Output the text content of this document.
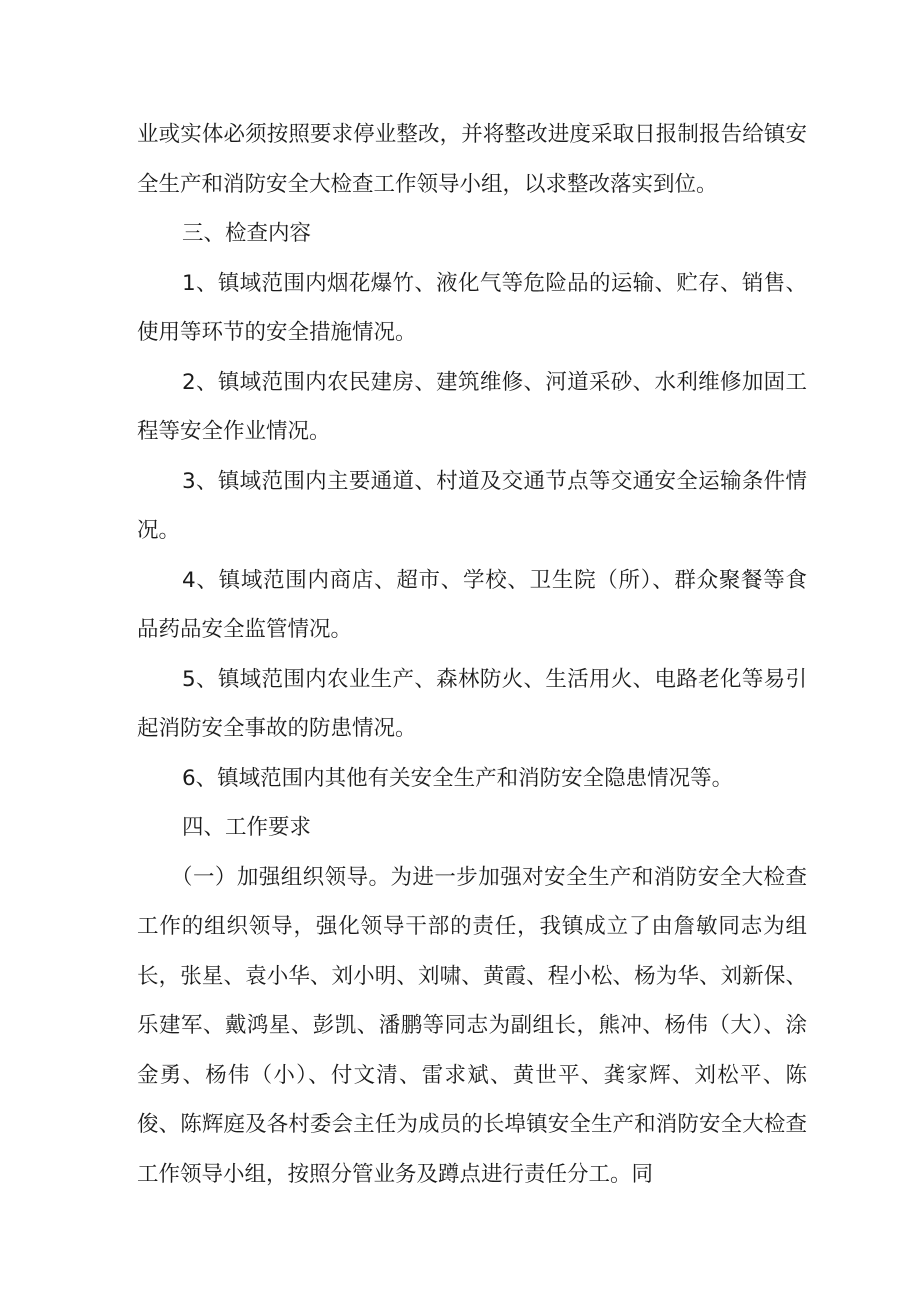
业或实体必须按照要求停业整改，并将整改进度采取日报制报告给镇安全生产和消防安全大检查工作领导小组，以求整改落实到位。

三、检查内容

1、镇域范围内烟花爆竹、液化气等危险品的运输、贮存、销售、使用等环节的安全措施情况。

2、镇域范围内农民建房、建筑维修、河道采砂、水利维修加固工程等安全作业情况。

3、镇域范围内主要通道、村道及交通节点等交通安全运输条件情况。

4、镇域范围内商店、超市、学校、卫生院（所）、群众聚餐等食品药品安全监管情况。

5、镇域范围内农业生产、森林防火、生活用火、电路老化等易引起消防安全事故的防患情况。

6、镇域范围内其他有关安全生产和消防安全隐患情况等。

四、工作要求

（一）加强组织领导。为进一步加强对安全生产和消防安全大检查工作的组织领导，强化领导干部的责任，我镇成立了由詹敏同志为组长，张星、袁小华、刘小明、刘啸、黄霞、程小松、杨为华、刘新保、乐建军、戴鸿星、彭凯、潘鹏等同志为副组长，熊冲、杨伟（大）、涂金勇、杨伟（小）、付文清、雷求斌、黄世平、龚家辉、刘松平、陈俊、陈辉庭及各村委会主任为成员的长埠镇安全生产和消防安全大检查工作领导小组，按照分管业务及蹲点进行责任分工。同
